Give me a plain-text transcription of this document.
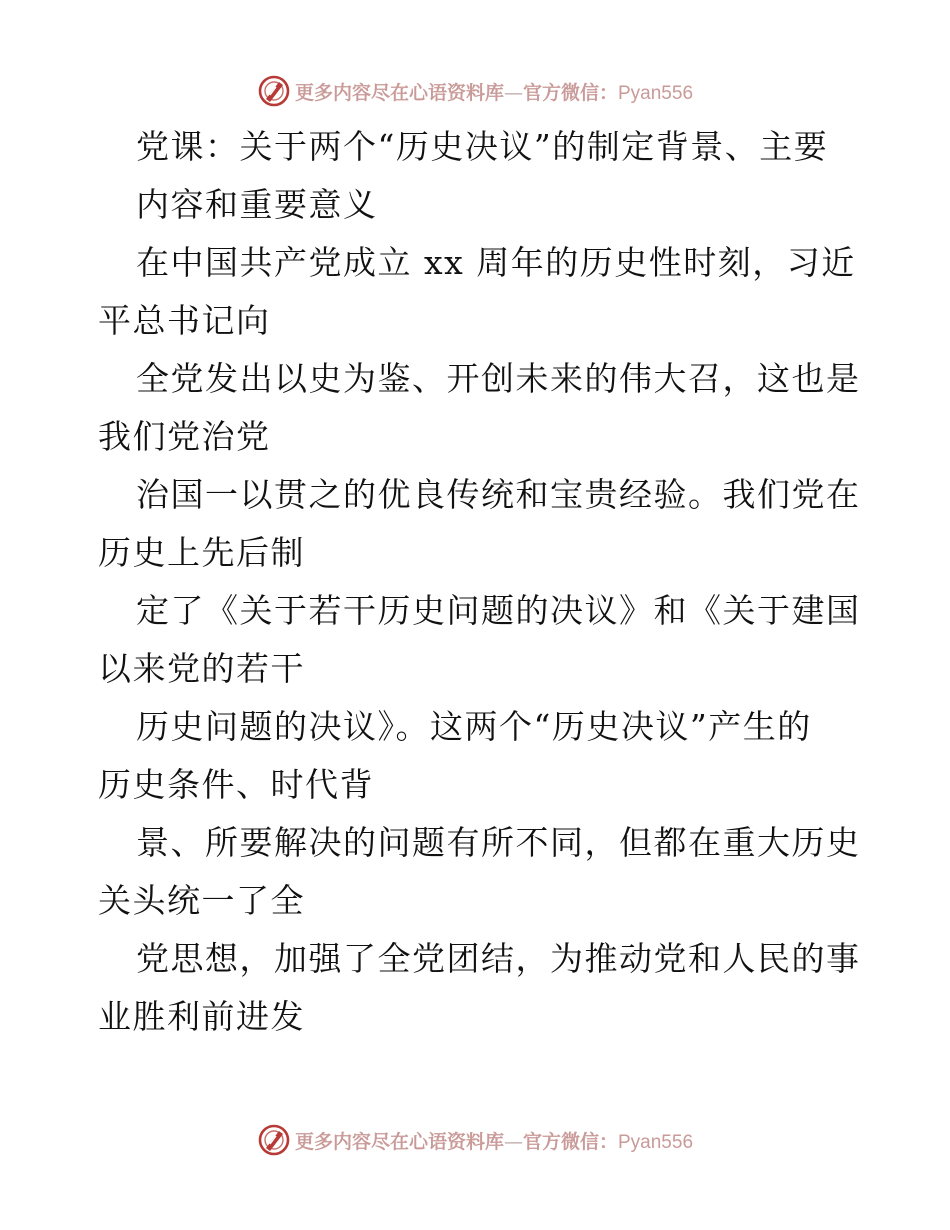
更多内容尽在心语资料库—官方微信：Pyan556
党课：关于两个“历史决议”的制定背景、主要
内容和重要意义
在中国共产党成立 xx 周年的历史性时刻，习近
平总书记向
全党发出以史为鉴、开创未来的伟大召，这也是
我们党治党
治国一以贯之的优良传统和宝贵经验。我们党在
历史上先后制
定了《关于若干历史问题的决议》和《关于建国
以来党的若干
历史问题的决议》。这两个“历史决议”产生的
历史条件、时代背
景、所要解决的问题有所不同，但都在重大历史
关头统一了全
党思想，加强了全党团结，为推动党和人民的事
业胜利前进发
更多内容尽在心语资料库—官方微信：Pyan556
